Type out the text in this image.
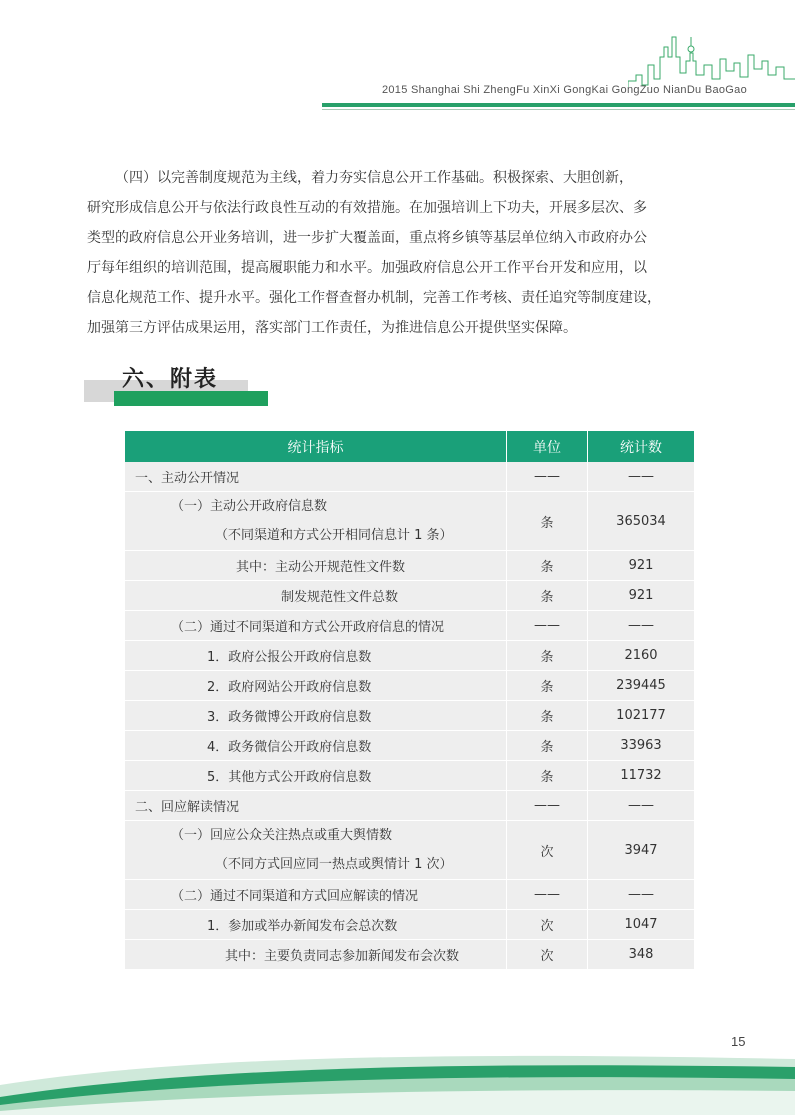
2015 Shanghai Shi ZhengFu XinXi GongKai GongZuo NianDu BaoGao
（四）以完善制度规范为主线，着力夯实信息公开工作基础。积极探索、大胆创新，
研究形成信息公开与依法行政良性互动的有效措施。在加强培训上下功夫，开展多层次、多
类型的政府信息公开业务培训，进一步扩大覆盖面，重点将乡镇等基层单位纳入市政府办公
厅每年组织的培训范围，提高履职能力和水平。加强政府信息公开工作平台开发和应用，以
信息化规范工作、提升水平。强化工作督查督办机制，完善工作考核、责任追究等制度建设，
加强第三方评估成果运用，落实部门工作责任，为推进信息公开提供坚实保障。
六、附表
统计指标	单位	统计数

一、主动公开情况	——	——

（一）主动公开政府信息数
（不同渠道和方式公开相同信息计 1 条）	条	365034

其中：主动公开规范性文件数	条	921

制发规范性文件总数	条	921

（二）通过不同渠道和方式公开政府信息的情况	——	——

1．政府公报公开政府信息数	条	2160

2．政府网站公开政府信息数	条	239445

3．政务微博公开政府信息数	条	102177

4．政务微信公开政府信息数	条	33963

5．其他方式公开政府信息数	条	11732

二、回应解读情况	——	——

（一）回应公众关注热点或重大舆情数
（不同方式回应同一热点或舆情计 1 次）	次	3947

（二）通过不同渠道和方式回应解读的情况	——	——

1．参加或举办新闻发布会总次数	次	1047

其中：主要负责同志参加新闻发布会次数	次	348
15
